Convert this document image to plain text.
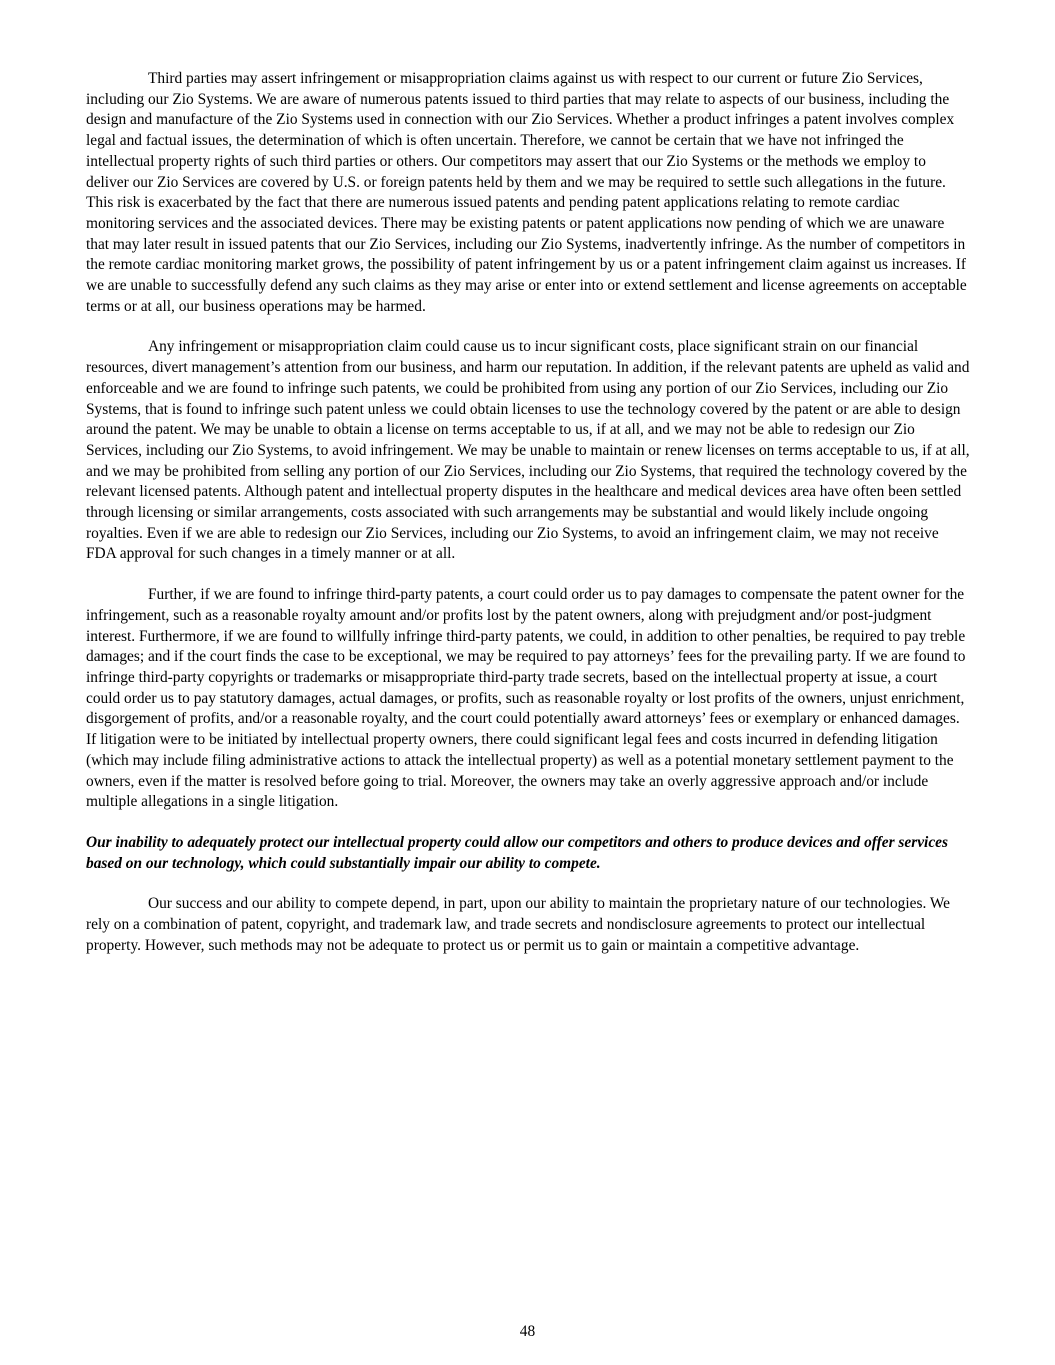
Third parties may assert infringement or misappropriation claims against us with respect to our current or future Zio Services, including our Zio Systems. We are aware of numerous patents issued to third parties that may relate to aspects of our business, including the design and manufacture of the Zio Systems used in connection with our Zio Services. Whether a product infringes a patent involves complex legal and factual issues, the determination of which is often uncertain. Therefore, we cannot be certain that we have not infringed the intellectual property rights of such third parties or others. Our competitors may assert that our Zio Systems or the methods we employ to deliver our Zio Services are covered by U.S. or foreign patents held by them and we may be required to settle such allegations in the future. This risk is exacerbated by the fact that there are numerous issued patents and pending patent applications relating to remote cardiac monitoring services and the associated devices. There may be existing patents or patent applications now pending of which we are unaware that may later result in issued patents that our Zio Services, including our Zio Systems, inadvertently infringe. As the number of competitors in the remote cardiac monitoring market grows, the possibility of patent infringement by us or a patent infringement claim against us increases. If we are unable to successfully defend any such claims as they may arise or enter into or extend settlement and license agreements on acceptable terms or at all, our business operations may be harmed.

Any infringement or misappropriation claim could cause us to incur significant costs, place significant strain on our financial resources, divert management’s attention from our business, and harm our reputation. In addition, if the relevant patents are upheld as valid and enforceable and we are found to infringe such patents, we could be prohibited from using any portion of our Zio Services, including our Zio Systems, that is found to infringe such patent unless we could obtain licenses to use the technology covered by the patent or are able to design around the patent. We may be unable to obtain a license on terms acceptable to us, if at all, and we may not be able to redesign our Zio Services, including our Zio Systems, to avoid infringement. We may be unable to maintain or renew licenses on terms acceptable to us, if at all, and we may be prohibited from selling any portion of our Zio Services, including our Zio Systems, that required the technology covered by the relevant licensed patents. Although patent and intellectual property disputes in the healthcare and medical devices area have often been settled through licensing or similar arrangements, costs associated with such arrangements may be substantial and would likely include ongoing royalties. Even if we are able to redesign our Zio Services, including our Zio Systems, to avoid an infringement claim, we may not receive FDA approval for such changes in a timely manner or at all.

Further, if we are found to infringe third-party patents, a court could order us to pay damages to compensate the patent owner for the infringement, such as a reasonable royalty amount and/or profits lost by the patent owners, along with prejudgment and/or post-judgment interest. Furthermore, if we are found to willfully infringe third-party patents, we could, in addition to other penalties, be required to pay treble damages; and if the court finds the case to be exceptional, we may be required to pay attorneys’ fees for the prevailing party. If we are found to infringe third-party copyrights or trademarks or misappropriate third-party trade secrets, based on the intellectual property at issue, a court could order us to pay statutory damages, actual damages, or profits, such as reasonable royalty or lost profits of the owners, unjust enrichment, disgorgement of profits, and/or a reasonable royalty, and the court could potentially award attorneys’ fees or exemplary or enhanced damages. If litigation were to be initiated by intellectual property owners, there could significant legal fees and costs incurred in defending litigation (which may include filing administrative actions to attack the intellectual property) as well as a potential monetary settlement payment to the owners, even if the matter is resolved before going to trial. Moreover, the owners may take an overly aggressive approach and/or include multiple allegations in a single litigation.

Our inability to adequately protect our intellectual property could allow our competitors and others to produce devices and offer services based on our technology, which could substantially impair our ability to compete.

Our success and our ability to compete depend, in part, upon our ability to maintain the proprietary nature of our technologies. We rely on a combination of patent, copyright, and trademark law, and trade secrets and nondisclosure agreements to protect our intellectual property. However, such methods may not be adequate to protect us or permit us to gain or maintain a competitive advantage.

48
